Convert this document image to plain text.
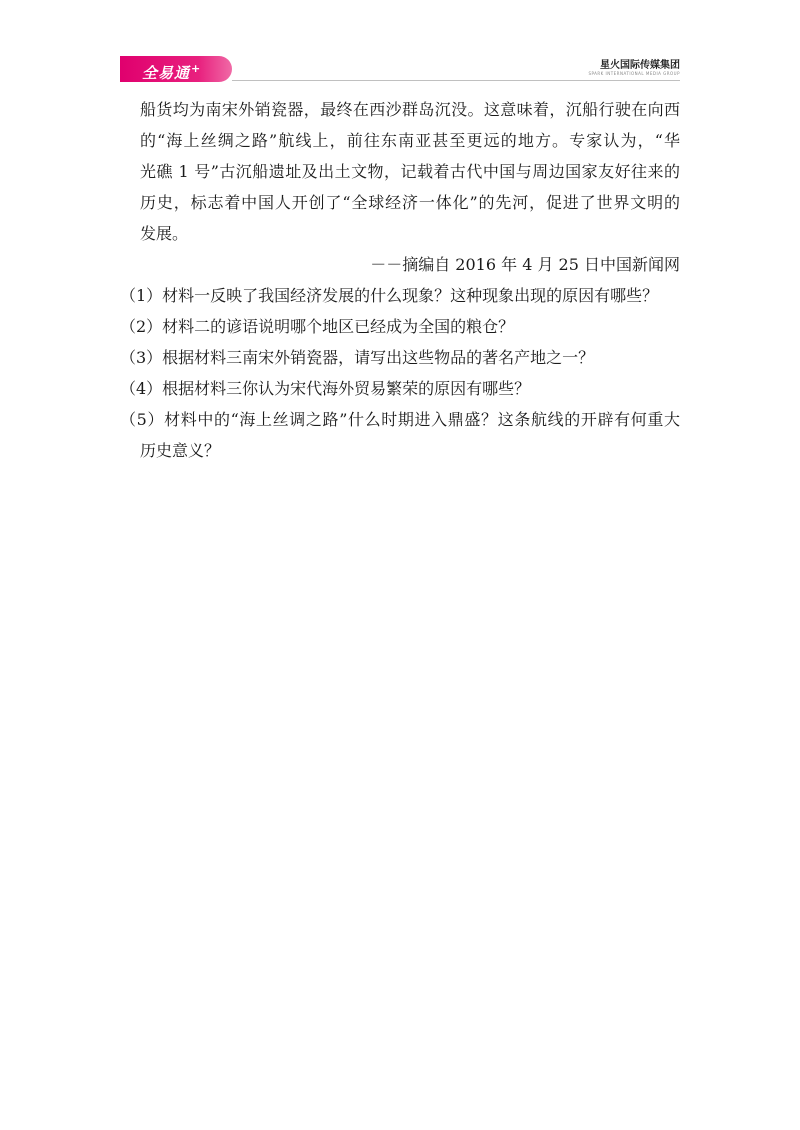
全易通+	星火国际传媒集团
SPARK INTERNATIONAL MEDIA GROUP

船货均为南宋外销瓷器，最终在西沙群岛沉没。这意味着，沉船行驶在向西

的“海上丝绸之路”航线上，前往东南亚甚至更远的地方。专家认为，“华

光礁 1 号”古沉船遗址及出土文物，记载着古代中国与周边国家友好往来的

历史，标志着中国人开创了“全球经济一体化”的先河，促进了世界文明的

发展。

－－摘编自 2016 年 4 月 25 日中国新闻网

（1）材料一反映了我国经济发展的什么现象？这种现象出现的原因有哪些？
（2）材料二的谚语说明哪个地区已经成为全国的粮仓？
（3）根据材料三南宋外销瓷器，请写出这些物品的著名产地之一？
（4）根据材料三你认为宋代海外贸易繁荣的原因有哪些？
（5）材料中的“海上丝调之路”什么时期进入鼎盛？这条航线的开辟有何重大
历史意义？
